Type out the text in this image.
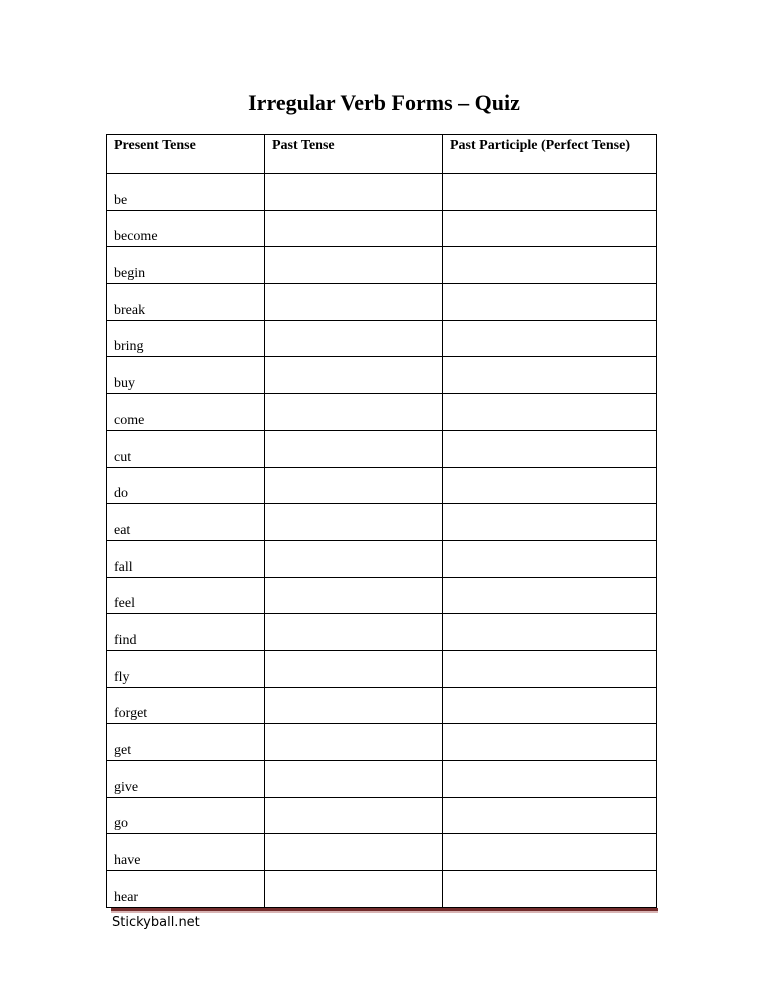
Irregular Verb Forms – Quiz
Present Tense	Past Tense	Past Participle (Perfect Tense)
be		
become		
begin		
break		
bring		
buy		
come		
cut		
do		
eat		
fall		
feel		
find		
fly		
forget		
get		
give		
go		
have		
hear		
Stickyball.net
